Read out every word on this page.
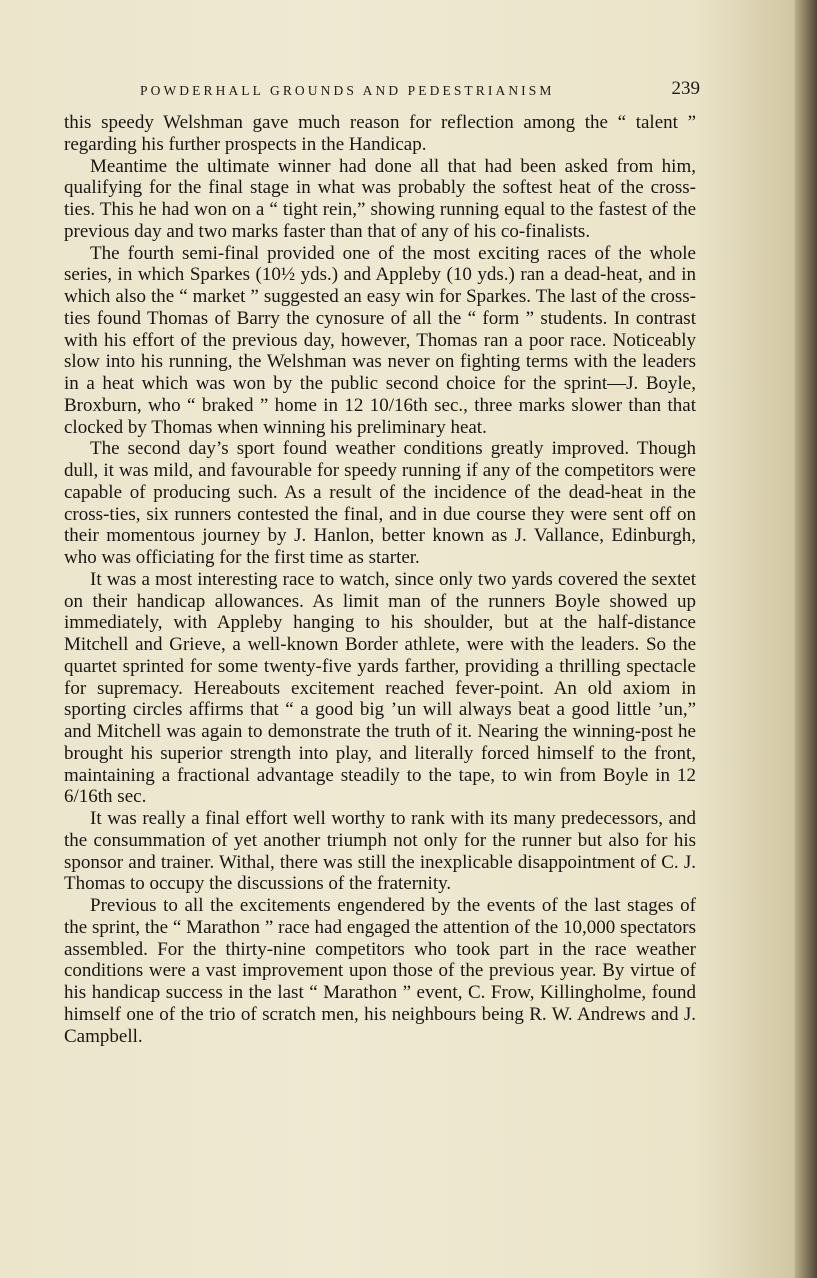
POWDERHALL GROUNDS AND PEDESTRIANISM	239

this speedy Welshman gave much reason for reflection among the “ talent ” regarding his further prospects in the Handicap.

Meantime the ultimate winner had done all that had been asked from him, qualifying for the final stage in what was probably the softest heat of the cross-ties. This he had won on a “ tight rein,” showing running equal to the fastest of the previous day and two marks faster than that of any of his co-finalists.

The fourth semi-final provided one of the most exciting races of the whole series, in which Sparkes (10½ yds.) and Appleby (10 yds.) ran a dead-heat, and in which also the “ market ” suggested an easy win for Sparkes. The last of the cross-ties found Thomas of Barry the cynosure of all the “ form ” students. In contrast with his effort of the previous day, however, Thomas ran a poor race. Noticeably slow into his running, the Welshman was never on fighting terms with the leaders in a heat which was won by the public second choice for the sprint—J. Boyle, Broxburn, who “ braked ” home in 12 10/16th sec., three marks slower than that clocked by Thomas when winning his preliminary heat.

The second day’s sport found weather conditions greatly improved. Though dull, it was mild, and favourable for speedy running if any of the competitors were capable of producing such. As a result of the incidence of the dead-heat in the cross-ties, six runners contested the final, and in due course they were sent off on their momentous journey by J. Hanlon, better known as J. Vallance, Edinburgh, who was officiating for the first time as starter.

It was a most interesting race to watch, since only two yards covered the sextet on their handicap allowances. As limit man of the runners Boyle showed up immediately, with Appleby hanging to his shoulder, but at the half-distance Mitchell and Grieve, a well-known Border athlete, were with the leaders. So the quartet sprinted for some twenty-five yards farther, providing a thrilling spectacle for supremacy. Hereabouts excitement reached fever-point. An old axiom in sporting circles affirms that “ a good big ’un will always beat a good little ’un,” and Mitchell was again to demonstrate the truth of it. Nearing the winning-post he brought his superior strength into play, and literally forced himself to the front, maintaining a fractional advantage steadily to the tape, to win from Boyle in 12 6/16th sec.

It was really a final effort well worthy to rank with its many predecessors, and the consummation of yet another triumph not only for the runner but also for his sponsor and trainer. Withal, there was still the inexplicable disappointment of C. J. Thomas to occupy the discussions of the fraternity.

Previous to all the excitements engendered by the events of the last stages of the sprint, the “ Marathon ” race had engaged the attention of the 10,000 spectators assembled. For the thirty-nine competitors who took part in the race weather conditions were a vast improvement upon those of the previous year. By virtue of his handicap success in the last “ Marathon ” event, C. Frow, Killingholme, found himself one of the trio of scratch men, his neighbours being R. W. Andrews and J. Campbell.
